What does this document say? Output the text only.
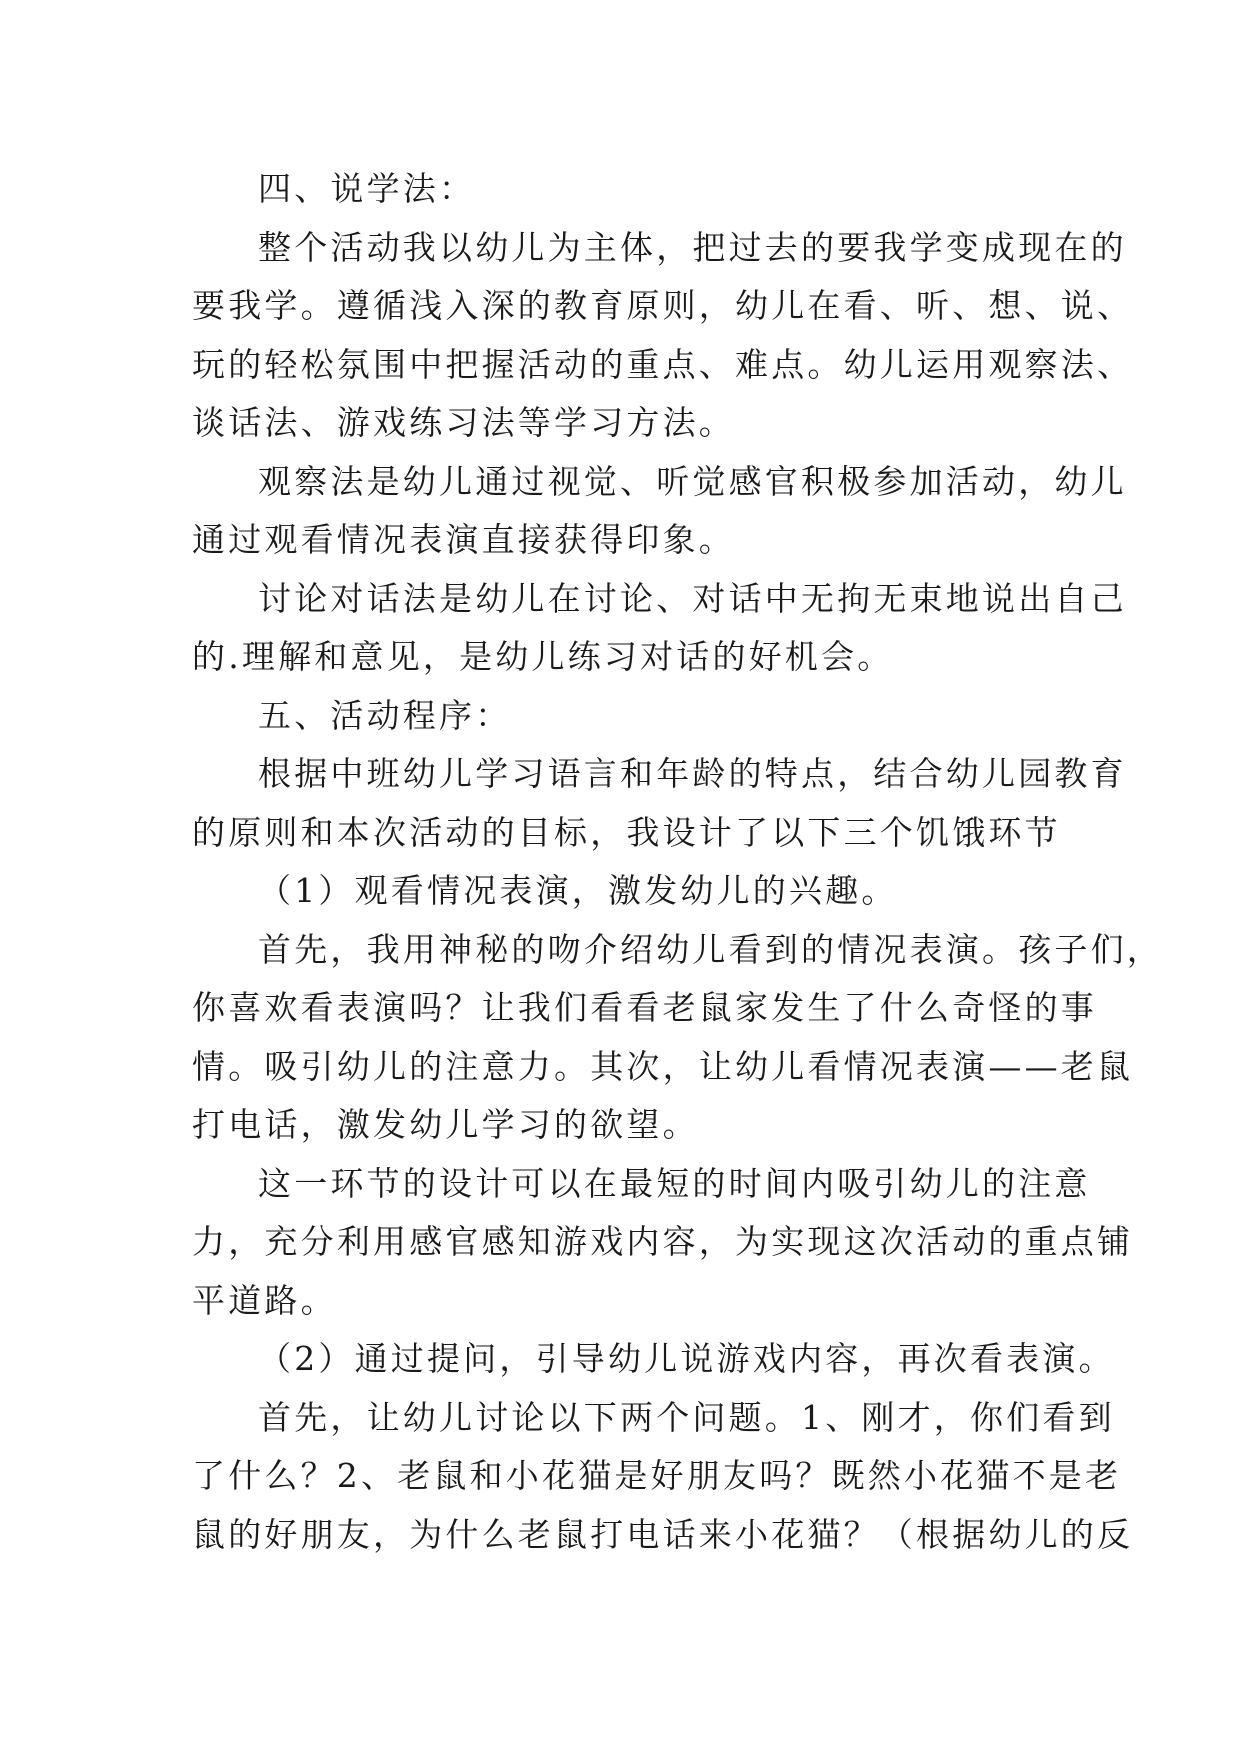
四、说学法：
整个活动我以幼儿为主体，把过去的要我学变成现在的
要我学。遵循浅入深的教育原则，幼儿在看、听、想、说、
玩的轻松氛围中把握活动的重点、难点。幼儿运用观察法、
谈话法、游戏练习法等学习方法。
观察法是幼儿通过视觉、听觉感官积极参加活动，幼儿
通过观看情况表演直接获得印象。
讨论对话法是幼儿在讨论、对话中无拘无束地说出自己
的.理解和意见，是幼儿练习对话的好机会。
五、活动程序：
根据中班幼儿学习语言和年龄的特点，结合幼儿园教育
的原则和本次活动的目标，我设计了以下三个饥饿环节
（1）观看情况表演，激发幼儿的兴趣。
首先，我用神秘的吻介绍幼儿看到的情况表演。孩子们，
你喜欢看表演吗？让我们看看老鼠家发生了什么奇怪的事
情。吸引幼儿的注意力。其次，让幼儿看情况表演——老鼠
打电话，激发幼儿学习的欲望。
这一环节的设计可以在最短的时间内吸引幼儿的注意
力，充分利用感官感知游戏内容，为实现这次活动的重点铺
平道路。
（2）通过提问，引导幼儿说游戏内容，再次看表演。
首先，让幼儿讨论以下两个问题。1、刚才，你们看到
了什么？2、老鼠和小花猫是好朋友吗？既然小花猫不是老
鼠的好朋友，为什么老鼠打电话来小花猫？（根据幼儿的反
